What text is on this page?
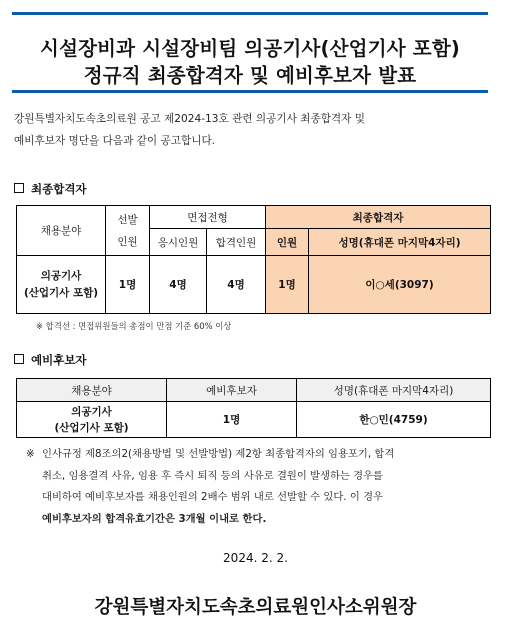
시설장비과 시설장비팀 의공기사(산업기사 포함)
정규직 최종합격자 및 예비후보자 발표
강원특별자치도속초의료원 공고 제2024-13호 관련 의공기사 최종합격자 및
예비후보자 명단을 다음과 같이 공고합니다.
최종합격자
채용분야	선발
인원	면접전형		최종합격자	
		응시인원	합격인원	인원	성명(휴대폰 마지막4자리)
의공기사
(산업기사 포함)	1명	4명	4명	1명	이○세(3097)
※ 합격선 : 면접위원들의 총점이 만점 기준 60% 이상
예비후보자
채용분야	예비후보자	성명(휴대폰 마지막4자리)
의공기사
(산업기사 포함)	1명	한○민(4759)
※ 인사규정 제8조의2(채용방법 및 선발방법) 제2항 최종합격자의 임용포기, 합격
취소, 임용결격 사유, 임용 후 즉시 퇴직 등의 사유로 결원이 발생하는 경우를
대비하여 예비후보자를 채용인원의 2배수 범위 내로 선발할 수 있다. 이 경우
예비후보자의 합격유효기간은 3개월 이내로 한다.
2024. 2. 2.
강원특별자치도속초의료원인사소위원장
